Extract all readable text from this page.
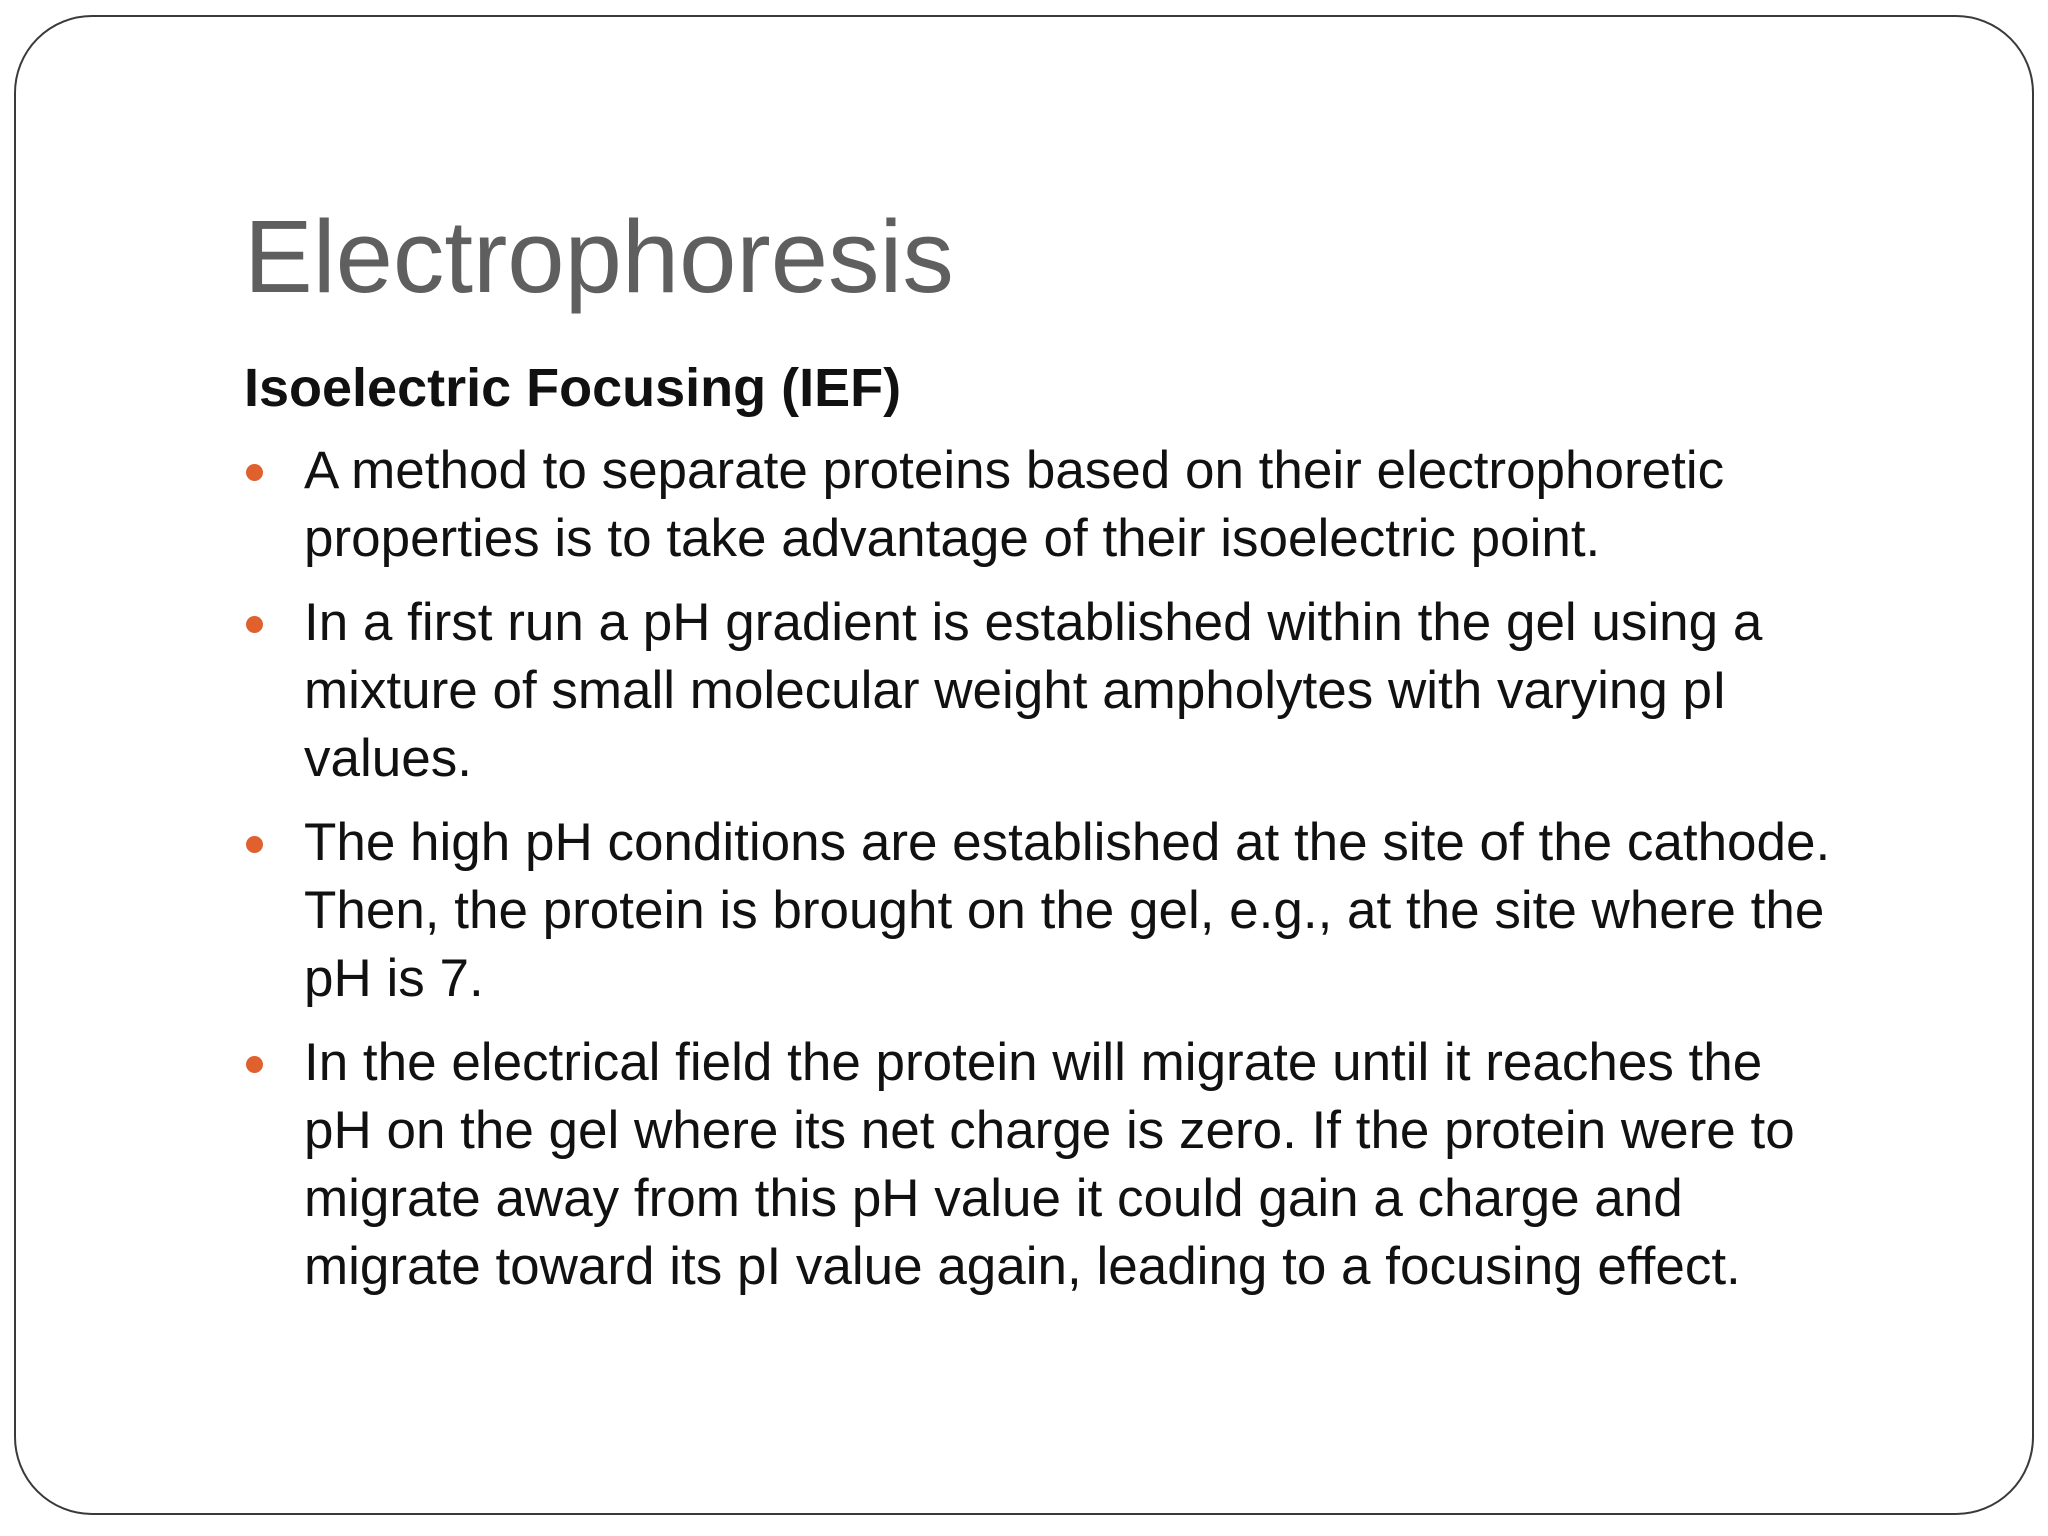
Electrophoresis
Isoelectric Focusing (IEF)
A method to separate proteins based on their electrophoretic
properties is to take advantage of their isoelectric point.
In a first run a pH gradient is established within the gel using a
mixture of small molecular weight ampholytes with varying pI
values.
The high pH conditions are established at the site of the cathode.
Then, the protein is brought on the gel, e.g., at the site where the
pH is 7.
In the electrical field the protein will migrate until it reaches the
pH on the gel where its net charge is zero. If the protein were to
migrate away from this pH value it could gain a charge and
migrate toward its pI value again, leading to a focusing effect.
